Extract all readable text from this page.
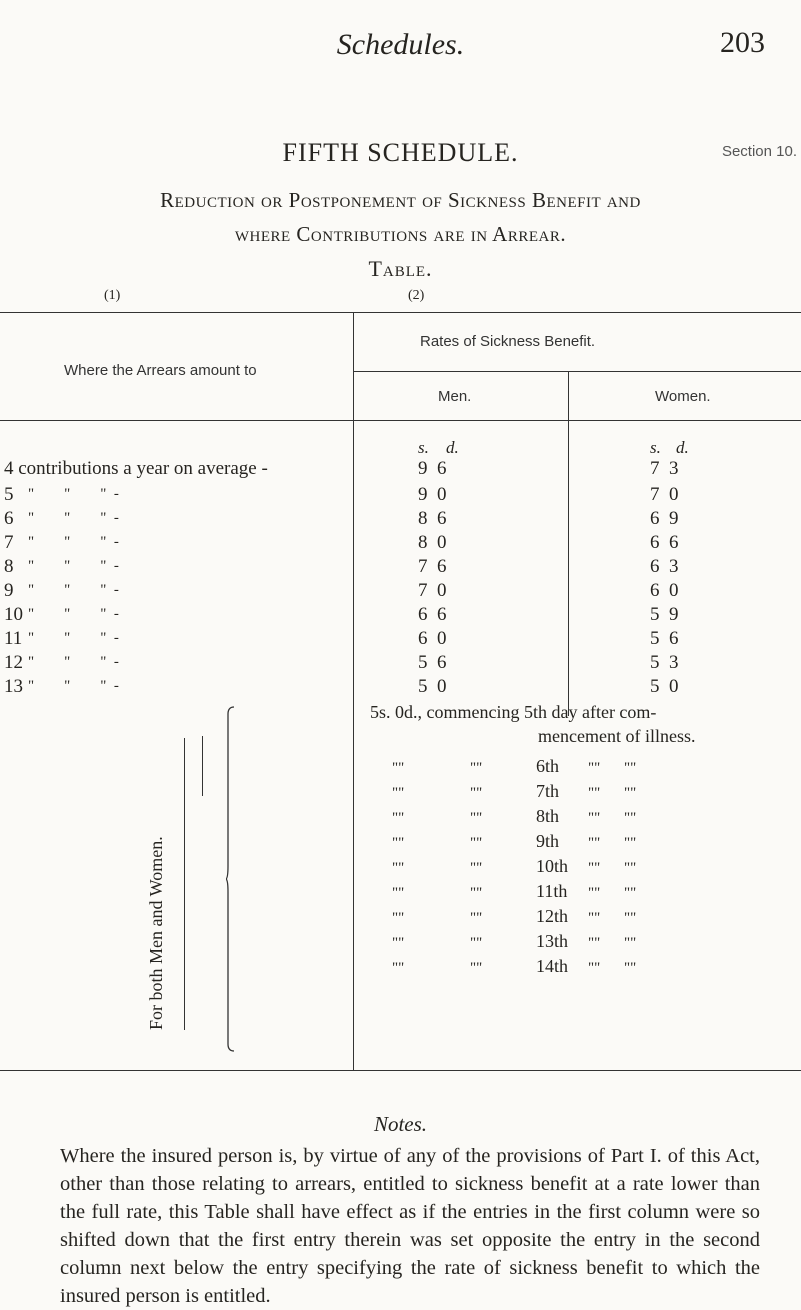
Schedules.	203
FIFTH SCHEDULE.	Section 10.
Reduction or Postponement of Sickness Benefit and
where Contributions are in Arrear.
Table.
(1)	(2)
Where the Arrears amount to
Rates of Sickness Benefit.
Men.	Women.
s. d.	s. d.
4 contributions a year on average -	9  6	7  3
5 "        "        "  -	9  0	7  0
6 "        "        "  -	8  6	6  9
7 "        "        "  -	8  0	6  6
8 "        "        "  -	7  6	6  3
9 "        "        "  -	7  0	6  0
10 "        "        "  -	6  6	5  9
11 "        "        "  -	6  0	5  6
12 "        "        "  -	5  6	5  3
13 "        "        "  -	5  0	5  0
For both Men and Women.
5s. 0d., commencing 5th day after com-
mencement of illness.
""	""	6th "" ""
""	""	7th "" ""
""	""	8th "" ""
""	""	9th "" ""
""	""	10th "" ""
""	""	11th "" ""
""	""	12th "" ""
""	""	13th "" ""
""	""	14th "" ""
Notes.
Where the insured person is, by virtue of any of the provisions of Part I. of this Act, other than those relating to arrears, entitled to sickness benefit at a rate lower than the full rate, this Table shall have effect as if the entries in the first column were so shifted down that the first entry therein was set opposite the entry in the second column next below the entry specifying the rate of sickness benefit to which the insured person is entitled.
